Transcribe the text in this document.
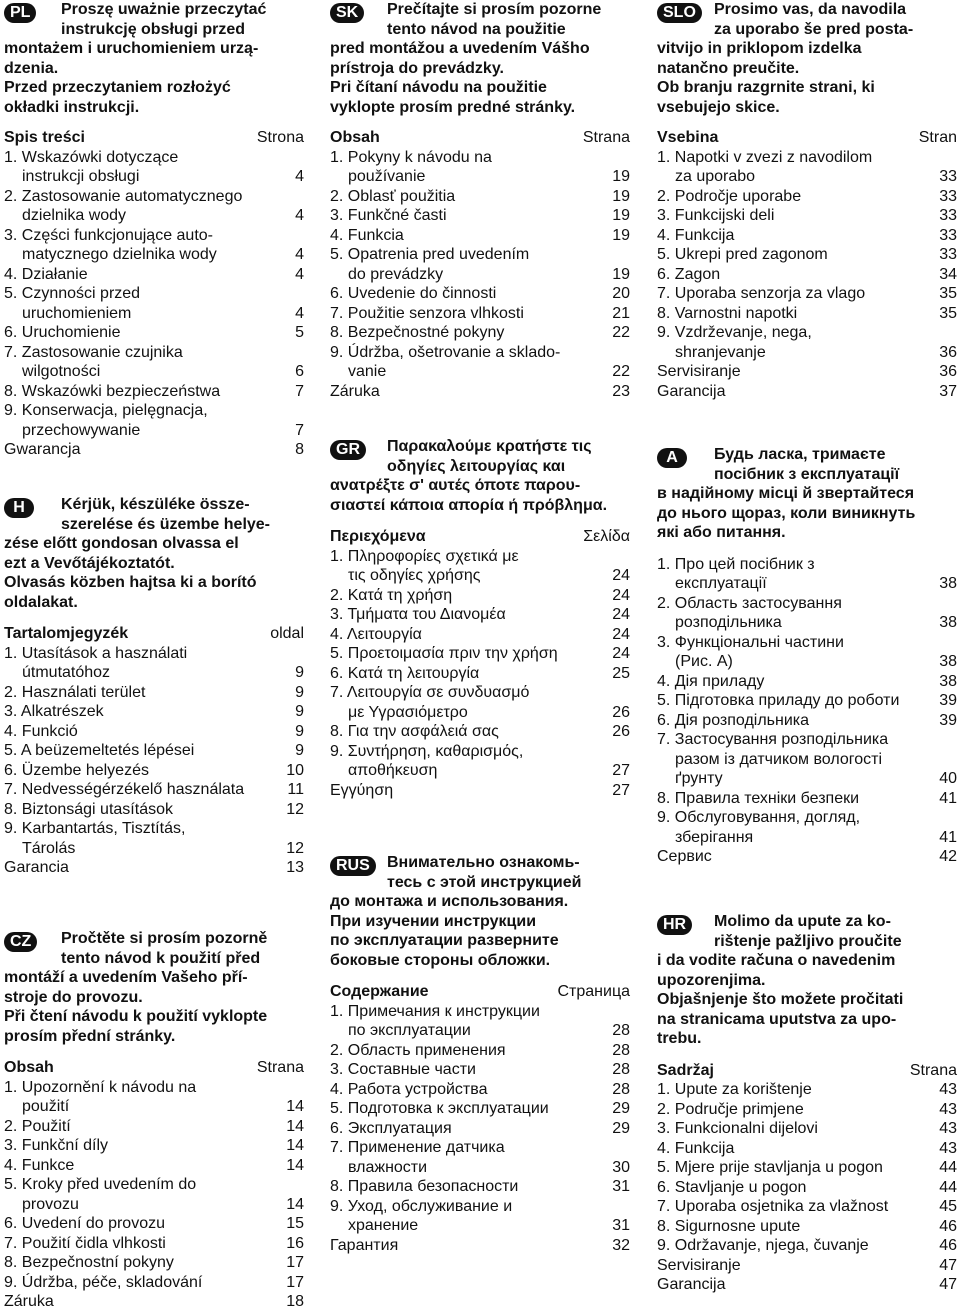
PL	Proszę uważnie przeczytać
instrukcję obsługi przed

montażem i uruchomieniem urzą-
dzenia.
Przed przeczytaniem rozłożyć
okładki instrukcji.

Spis treści	Strona
1. Wskazówki dotyczące
instrukcji obsługi	4
2. Zastosowanie automatycznego
dzielnika wody	4
3. Części funkcjonujące auto-
matycznego dzielnika wody	4
4. Działanie	4
5. Czynności przed
uruchomieniem	4
6. Uruchomienie	5
7. Zastosowanie czujnika
wilgotności	6
8. Wskazówki bezpieczeństwa	7
9. Konserwacja, pielęgnacja,
przechowywanie	7
Gwarancja	8
H	Kérjük, készüléke össze-
szerelése és üzembe helye-

zése előtt gondosan olvassa el
ezt a Vevőtájékoztatót.
Olvasás közben hajtsa ki a borító
oldalakat.

Tartalomjegyzék	oldal
1. Utasítások a használati
útmutatóhoz	9
2. Használati terület	9
3. Alkatrészek	9
4. Funkció	9
5. A beüzemeltetés lépései	9
6. Üzembe helyezés	10
7. Nedvességérzékelő használata	11
8. Biztonsági utasítások	12
9. Karbantartás, Tisztítás,
Tárolás	12
Garancia	13
CZ	Pročtěte si prosím pozorně
tento návod k použití před

montáží a uvedením Vašeho pří-
stroje do provozu.
Při čtení návodu k použití vyklopte
prosím přední stránky.

Obsah	Strana
1. Upozornění k návodu na
použití	14
2. Použití	14
3. Funkční díly	14
4. Funkce	14
5. Kroky před uvedením do
provozu	14
6. Uvedení do provozu	15
7. Použití čidla vlhkosti	16
8. Bezpečnostní pokyny	17
9. Údržba, péče, skladování	17
Záruka	18
SK	Prečítajte si prosím pozorne
tento návod na použitie

pred montážou a uvedením Vášho
prístroja do prevádzky.
Pri čítaní návodu na použitie
vyklopte prosím predné stránky.

Obsah	Strana
1. Pokyny k návodu na
používanie	19
2. Oblasť použitia	19
3. Funkčné časti	19
4. Funkcia	19
5. Opatrenia pred uvedením
do prevádzky	19
6. Uvedenie do činnosti	20
7. Použitie senzora vlhkosti	21
8. Bezpečnostné pokyny	22
9. Údržba, ošetrovanie a sklado-
vanie	22
Záruka	23
GR	Παρακαλούμε κρατήστε τις
οδηγίες λειτουργίας και

ανατρέξτε σ' αυτές όποτε παρου-
σιαστεί κάποια απορία ή πρόβλημα.

Περιεχόμενα	Σελίδα
1. Πληροφορίες σχετικά με
τις οδηγίες χρήσης	24
2. Κατά τη χρήση	24
3. Τμήματα του Διανομέα	24
4. Λειτουργία	24
5. Προετοιμασία πριν την χρήση	24
6. Κατά τη λειτουργία	25
7. Λειτουργία σε συνδυασμό
με Υγρασιόμετρο	26
8. Για την ασφάλειά σας	26
9. Συντήρηση, καθαρισμός,
αποθήκευση	27
Εγγύηση	27
RUS	Внимательно ознакомь-
тесь с этой инструкцией

до монтажа и использования.
При изучении инструкции
по эксплуатации разверните
боковые стороны обложки.

Содержание	Страница
1. Примечания к инструкции
по эксплуатации	28
2. Область применения	28
3. Составные части	28
4. Работа устройства	28
5. Подготовка к эксплуатации	29
6. Эксплуатация	29
7. Применение датчика
влажности	30
8. Правила безопасности	31
9. Уход, обслуживание и
хранение	31
Гарантия	32
SLO	Prosimo vas, da navodila
za uporabo še pred posta-

vitvijo in priklopom izdelka
natančno preučite.
Ob branju razgrnite strani, ki
vsebujejo skice.

Vsebina	Stran
1. Napotki v zvezi z navodilom
za uporabo	33
2. Področje uporabe	33
3. Funkcijski deli	33
4. Funkcija	33
5. Ukrepi pred zagonom	33
6. Zagon	34
7. Uporaba senzorja za vlago	35
8. Varnostni napotki	35
9. Vzdrževanje, nega,
shranjevanje	36
Servisiranje	36
Garancija	37
A	Будь ласка, тримаєте
посібник з експлуатації

в надійному місці й звертайтеся
до нього щораз, коли виникнуть
які або питання.

1. Про цей посібник з
експлуатації	38
2. Область застосування
розподільника	38
3. Функціональні частини
(Рис. A)	38
4. Дія приладу	38
5. Підготовка приладу до роботи	39
6. Дія розподільника	39
7. Застосування розподільника
разом із датчиком вологості
ґрунту	40
8. Правила техніки безпеки	41
9. Обслуговування, догляд,
зберігання	41
Сервис	42
HR	Molimo da upute za ko-
rištenje pažljivo proučite

i da vodite računa o navedenim
upozorenjima.
Objašnjenje što možete pročitati
na stranicama uputstva za upo-
trebu.

Sadržaj	Strana
1. Upute za korištenje	43
2. Područje primjene	43
3. Funkcionalni dijelovi	43
4. Funkcija	43
5. Mjere prije stavljanja u pogon	44
6. Stavljanje u pogon	44
7. Uporaba osjetnika za vlažnost	45
8. Sigurnosne upute	46
9. Održavanje, njega, čuvanje	46
Servisiranje	47
Garancija	47
